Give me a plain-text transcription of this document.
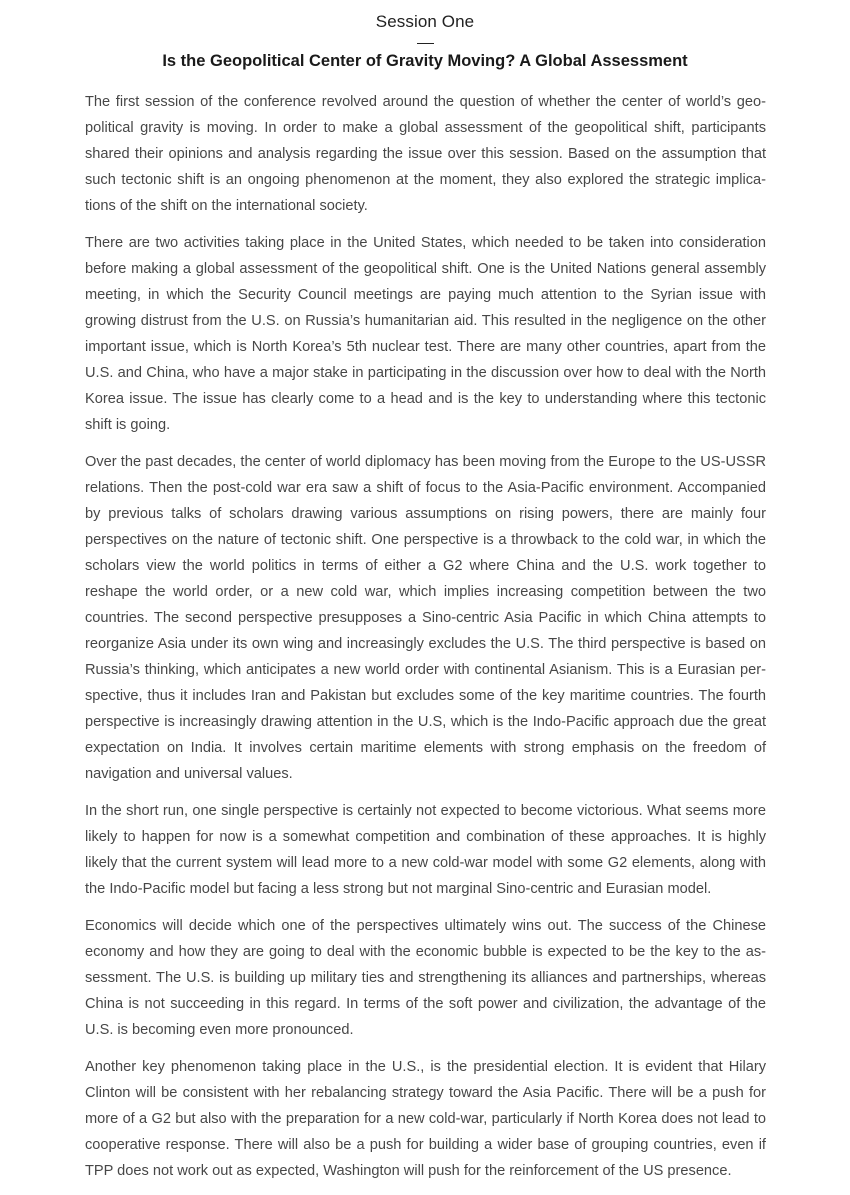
Session One
Is the Geopolitical Center of Gravity Moving? A Global Assessment

The first session of the conference revolved around the question of whether the center of world’s geopolitical gravity is moving. In order to make a global assessment of the geopolitical shift, participants shared their opinions and analysis regarding the issue over this session. Based on the assumption that such tectonic shift is an ongoing phenomenon at the moment, they also explored the strategic implications of the shift on the international society.

There are two activities taking place in the United States, which needed to be taken into consideration before making a global assessment of the geopolitical shift. One is the United Nations general assembly meeting, in which the Security Council meetings are paying much attention to the Syrian issue with growing distrust from the U.S. on Russia’s humanitarian aid. This resulted in the negligence on the other important issue, which is North Korea’s 5th nuclear test. There are many other countries, apart from the U.S. and China, who have a major stake in participating in the discussion over how to deal with the North Korea issue. The issue has clearly come to a head and is the key to understanding where this tectonic shift is going.

Over the past decades, the center of world diplomacy has been moving from the Europe to the US-USSR relations. Then the post-cold war era saw a shift of focus to the Asia-Pacific environment. Accompanied by previous talks of scholars drawing various assumptions on rising powers, there are mainly four perspectives on the nature of tectonic shift. One perspective is a throwback to the cold war, in which the scholars view the world politics in terms of either a G2 where China and the U.S. work together to reshape the world order, or a new cold war, which implies increasing competition between the two countries. The second perspective presupposes a Sino-centric Asia Pacific in which China attempts to reorganize Asia under its own wing and increasingly excludes the U.S. The third perspective is based on Russia’s thinking, which anticipates a new world order with continental Asianism. This is a Eurasian perspective, thus it includes Iran and Pakistan but excludes some of the key maritime countries. The fourth perspective is increasingly drawing attention in the U.S, which is the Indo-Pacific approach due the great expectation on India. It involves certain maritime elements with strong emphasis on the freedom of navigation and universal values.

In the short run, one single perspective is certainly not expected to become victorious. What seems more likely to happen for now is a somewhat competition and combination of these approaches. It is highly likely that the current system will lead more to a new cold-war model with some G2 elements, along with the Indo-Pacific model but facing a less strong but not marginal Sino-centric and Eurasian model.

Economics will decide which one of the perspectives ultimately wins out. The success of the Chinese economy and how they are going to deal with the economic bubble is expected to be the key to the assessment. The U.S. is building up military ties and strengthening its alliances and partnerships, whereas China is not succeeding in this regard. In terms of the soft power and civilization, the advantage of the U.S. is becoming even more pronounced.

Another key phenomenon taking place in the U.S., is the presidential election. It is evident that Hilary Clinton will be consistent with her rebalancing strategy toward the Asia Pacific. There will be a push for more of a G2 but also with the preparation for a new cold-war, particularly if North Korea does not lead to cooperative response. There will also be a push for building a wider base of grouping countries, even if TPP does not work out as expected, Washington will push for the reinforcement of the US presence.
